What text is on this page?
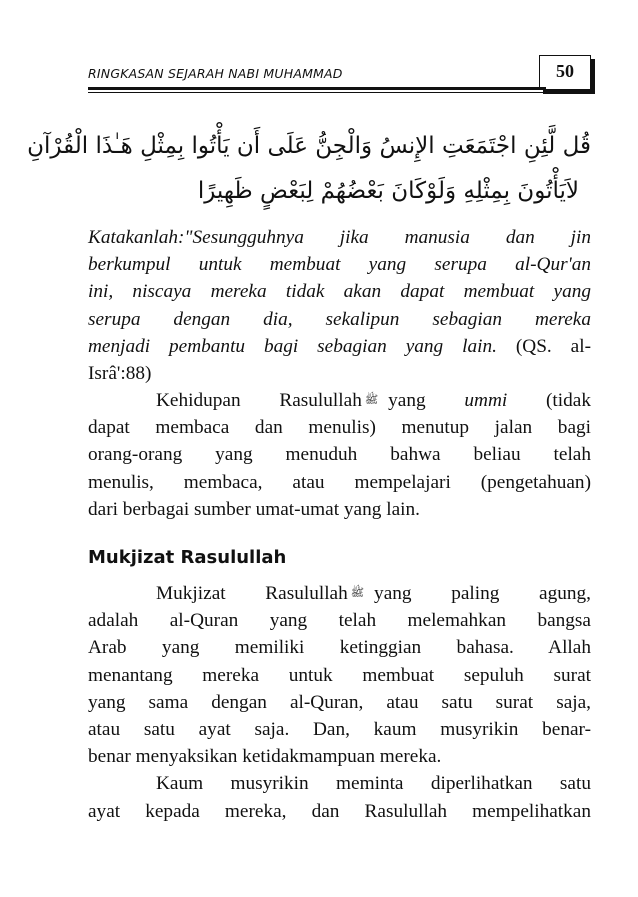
RINGKASAN SEJARAH NABI MUHAMMAD	50
قُل لَّئِنِ اجْتَمَعَتِ الإِنسُ وَالْجِنُّ عَلَى أَن يَأْتُوا بِمِثْلِ هَـٰذَا الْقُرْآنِ
لاَيَأْتُونَ بِمِثْلِهِ وَلَوْكَانَ بَعْضُهُمْ لِبَعْضٍ ظَهِيرًا
Katakanlah:"Sesungguhnya jika manusia dan jin
berkumpul untuk membuat yang serupa al-Qur'an
ini, niscaya mereka tidak akan dapat membuat yang
serupa dengan dia, sekalipun sebagian mereka
menjadi pembantu bagi sebagian yang lain. (QS. al-
Isrâ':88)
Kehidupan Rasulullah ﷺ yang ummi (tidak
dapat membaca dan menulis) menutup jalan bagi
orang-orang yang menuduh bahwa beliau telah
menulis, membaca, atau mempelajari (pengetahuan)
dari berbagai sumber umat-umat yang lain.
Mukjizat Rasulullah
Mukjizat Rasulullah ﷺ yang paling agung,
adalah al-Quran yang telah melemahkan bangsa
Arab yang memiliki ketinggian bahasa. Allah
menantang mereka untuk membuat sepuluh surat
yang sama dengan al-Quran, atau satu surat saja,
atau satu ayat saja. Dan, kaum musyrikin benar-
benar menyaksikan ketidakmampuan mereka.
Kaum musyrikin meminta diperlihatkan satu
ayat kepada mereka, dan Rasulullah mempelihatkan
